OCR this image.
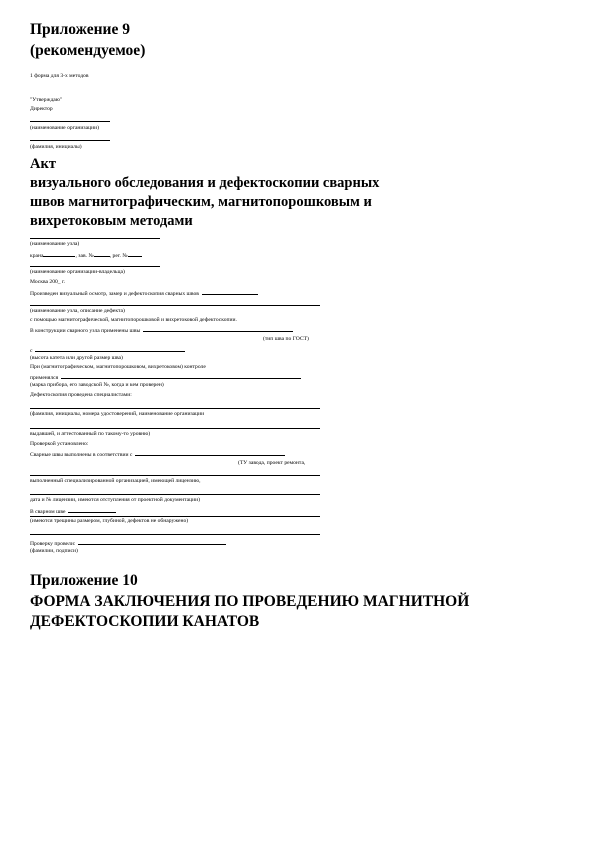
Приложение 9
(рекомендуемое)
1 форма для 3-х методов
"Утверждаю"
Директор
(наименование организации)
(фамилия, инициалы)
Акт
визуального обследования и дефектоскопии сварных
швов магнитографическим, магнитопорошковым и
вихретоковым методами
(наименование узла)
крана	, зав. №	, рег. №
(наименование организации-владельца)
Москва 200_ г.
Произведен визуальный осмотр, замер и дефектоскопия сварных швов
(наименование узла, описание дефекта)
с помощью магнитографической, магнитопорошковой и вихретоковой дефектоскопии.
В конструкции сварного узла применены швы
(тип шва по ГОСТ)
с
(высота катета или другой размер шва)
При (магнитографическом, магнитопорошковом, вихретоковом) контроле
применялся
(марка прибора, его заводской №, когда и кем проверен)
Дефектоскопия проведена специалистами:
(фамилия, инициалы, номера удостоверений, наименование организации
выдавшей, и аттестованный по такому-то уровню)
Проверкой установлено:
Сварные швы выполнены в соответствии с
(ТУ завода, проект ремонта,
выполненный специализированной организацией, имеющей лицензию,
дата и № лицензии, имеются отступления от проектной документации)
В сварном шве
(имеются трещины размером, глубиной, дефектов не обнаружено)
Проверку провели:
(фамилии, подписи)
Приложение 10
ФОРМА ЗАКЛЮЧЕНИЯ ПО ПРОВЕДЕНИЮ МАГНИТНОЙ
ДЕФЕКТОСКОПИИ КАНАТОВ
